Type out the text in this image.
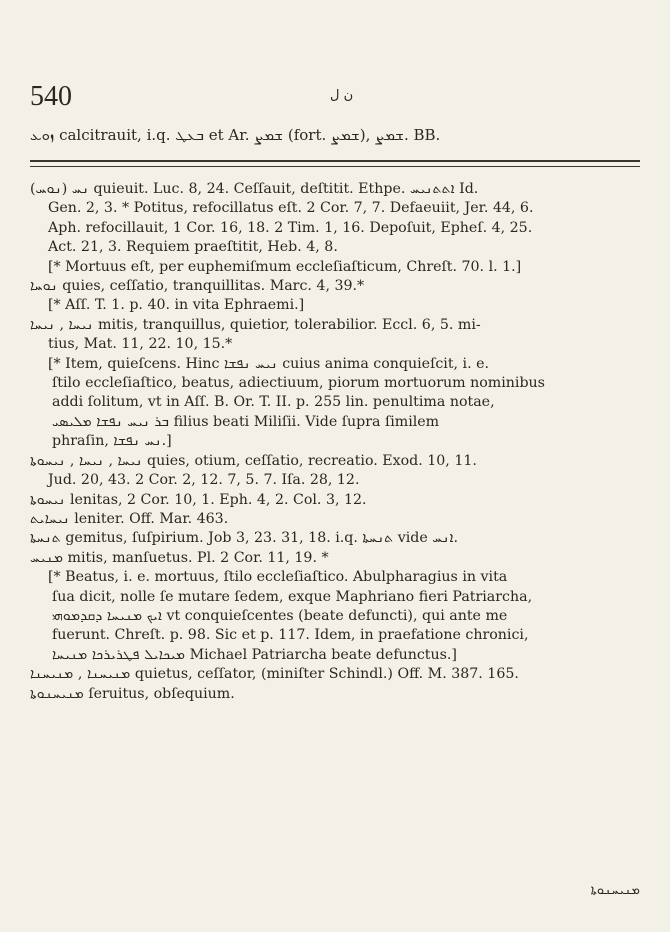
540	ن ل
ܙܘܥ calcitrauit, i.q. ܒܥܛ et Ar. ܫܡܨ (fort. ܫܡܨ), ܫܡܨ. BB.
(ܢܘܚ) ܢܚ quieuit. Luc. 8, 24. Ceſſauit, deſtitit. Ethpe. ܐܬܬܢܝܚ Id.
Gen. 2, 3. * Potitus, refocillatus eſt. 2 Cor. 7, 7. Defaeuiit, Jer. 44, 6.
Aph. refocillauit, 1 Cor. 16, 18. 2 Tim. 1, 16. Depoſuit, Epheſ. 4, 25.
Act. 21, 3. Requiem praeſtitit, Heb. 4, 8.
[* Mortuus eſt, per euphemiſmum eccleſiaſticum, Chreſt. 70. l. 1.]
ܢܘܚܐ quies, ceſſatio, tranquillitas. Marc. 4, 39.*
[* Aſſ. T. 1. p. 40. in vita Ephraemi.]
ܢܝܚܐ , ܢܝܚܐ mitis, tranquillus, quietior, tolerabilior. Eccl. 6, 5. mi-
tius, Mat. 11, 22. 10, 15.*
[* Item, quieſcens. Hinc ܢܝܚ ܢܦܫܐ cuius anima conquieſcit, i. e.
ſtilo eccleſiaſtico, beatus, adiectiuum, piorum mortuorum nominibus
addi ſolitum, vt in Aſſ. B. Or. T. II. p. 255 lin. penultima notae,
ܒܪ ܢܝܚ ܢܦܫܐ ܡܠܝܣܝ filius beati Miliſii. Vide ſupra ſimilem
phraſin, ܢܚ ܢܦܫܐ.]
ܢܝܚܐ , ܢܝܚܐ , ܢܝܚܘܬܐ quies, otium, ceſſatio, recreatio. Exod. 10, 11.
Jud. 20, 43. 2 Cor. 2, 12. 7, 5. 7. Iſa. 28, 12.
ܢܝܚܘܬܐ lenitas, 2 Cor. 10, 1. Eph. 4, 2. Col. 3, 12.
ܢܝܚܐܝܬ leniter. Off. Mar. 463.
ܬܢܚܬܐ gemitus, ſuſpirium. Job 3, 23. 31, 18. i.q. ܬܢܚܬܐ vide ܐܢܚ.
ܡܢܝܚ mitis, manſuetus. Pl. 2 Cor. 11, 19. *
[* Beatus, i. e. mortuus, ſtilo eccleſiaſtico. Abulpharagius in vita
ſua dicit, nolle ſe mutare ſedem, exque Maphriano fieri Patriarcha,
ܐܝܟ ܡܢܝܚܐ ܕܩܕܡܘܗܝ vt conquieſcentes (beate defuncti), qui ante me
fuerunt. Chreſt. p. 98. Sic et p. 117. Idem, in praefatione chronici,
ܡܝܟܐܝܠ ܦܛܪܝܪܟܐ ܡܢܝܚܐ Michael Patriarcha beate defunctus.]
ܡܢܝܚܢܐ , ܡܢܝܚܢܐ quietus, ceſſator, (miniſter Schindl.) Off. M. 387. 165.
ܡܢܝܚܢܘܬܐ ſeruitus, obſequium.
ܡܢܝܚܢܘܬܐ
